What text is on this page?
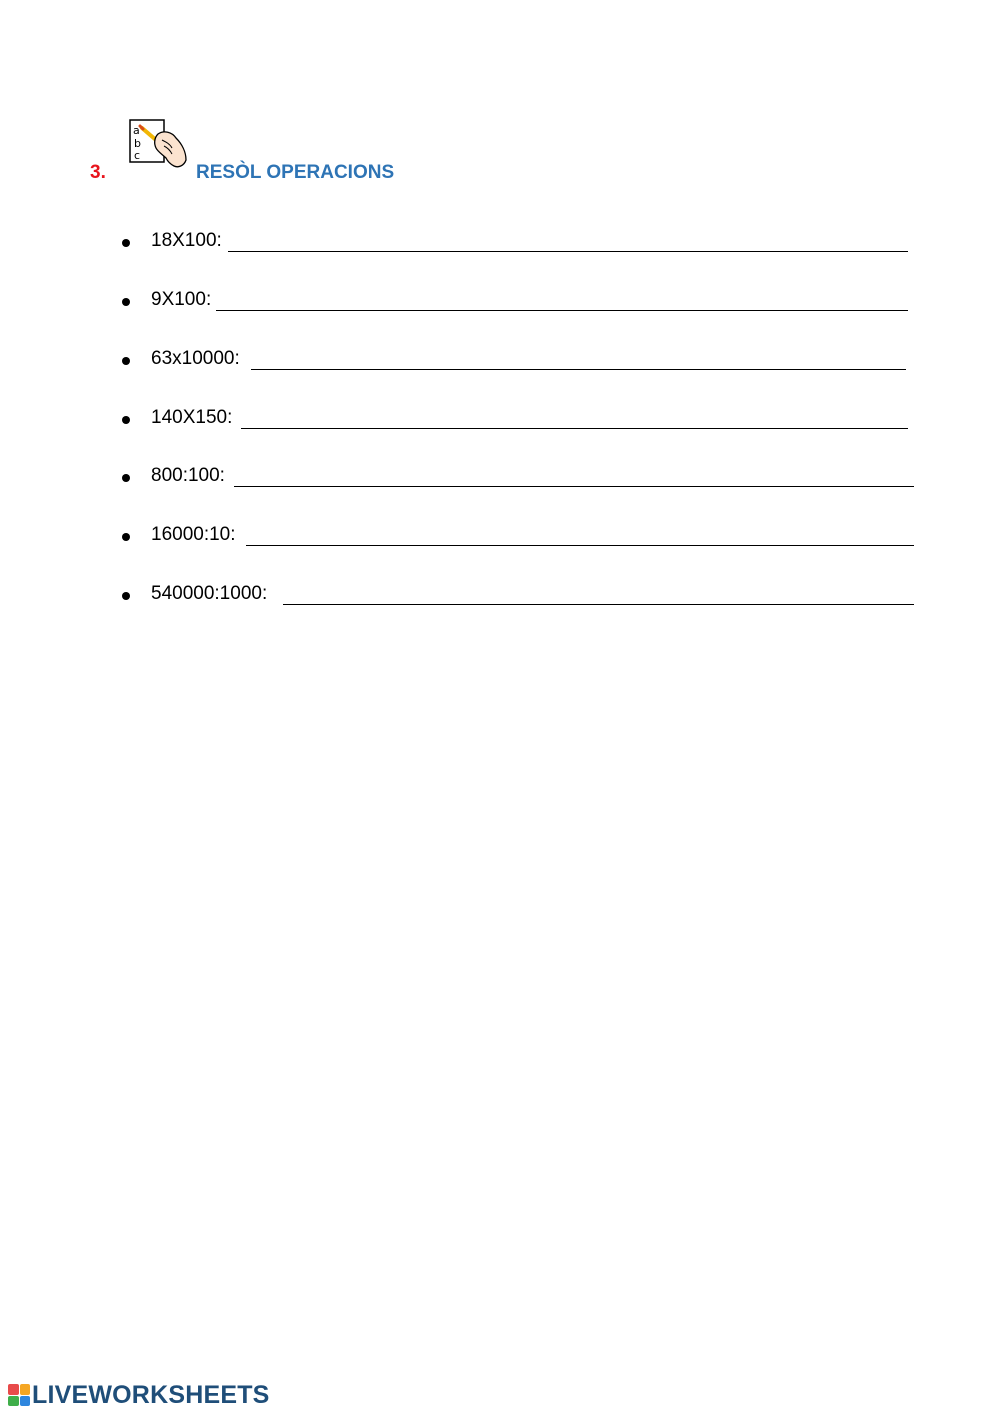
3.
a
b
c
RESÒL OPERACIONS
18X100:
9X100:
63x10000:
140X150:
800:100:
16000:10:
540000:1000:
LIVEWORKSHEETS
